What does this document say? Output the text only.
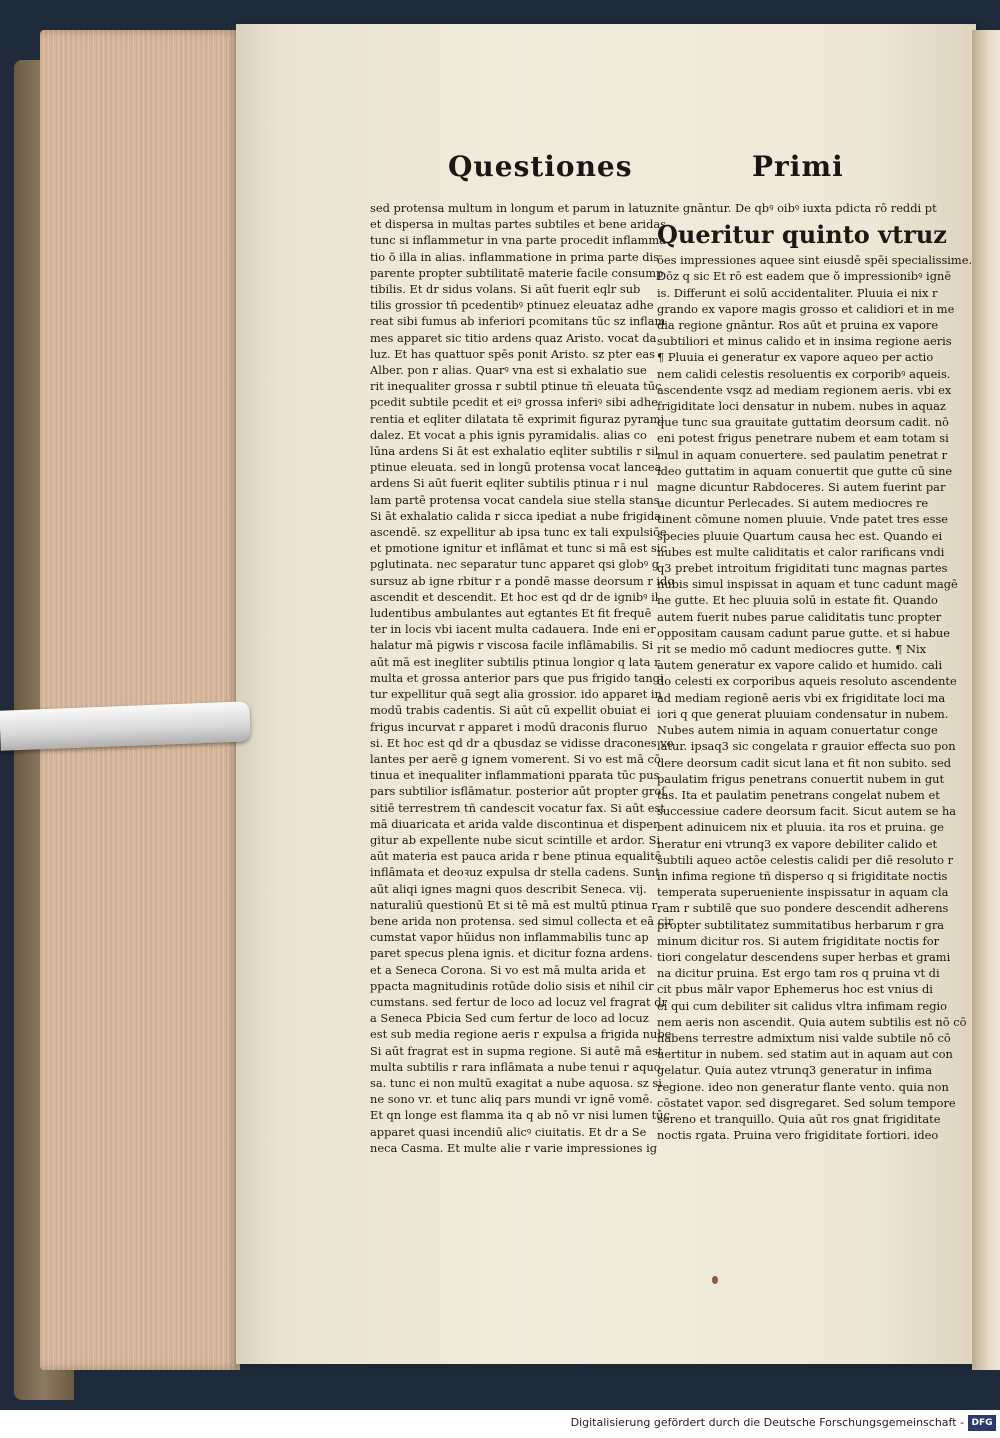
Questiones	Primi
sed protensa multum in longum et parum in latuz
et dispersa in multas partes subtiles et bene aridas
tunc si inflammetur in vna parte procedit inflamma
tio ŏ illa in alias. inflammatione in prima parte dis
parente propter subtilitatē materie facile consump
tibilis. Et dr sidus volans. Si aūt fuerit eqlr sub
tilis grossior tñ pcedentibꝰ ptinuez eleuataz adhe
reat sibi fumus ab inferiori pcomitans tūc sz inflam
mes apparet sic titio ardens quaz Aristo. vocat da
luz. Et has quattuor spēs ponit Aristo. sz pter eas
Alber. pon r alias. Quarꝰ vna est si exhalatio sue
rit inequaliter grossa r subtil ptinue tñ eleuata tūc
pcedit subtile pcedit et eiꝰ grossa inferiꝰ sibi adhe
rentia et eqliter dilatata tē exprimit figuraz pyrami
dalez. Et vocat a phis ignis pyramidalis. alias co
lūna ardens Si āt est exhalatio eqliter subtilis r sil
ptinue eleuata. sed in longū protensa vocat lancea
ardens Si aūt fuerit eqliter subtilis ptinua r i nul
lam partē protensa vocat candela siue stella stans.
Si āt exhalatio calida r sicca ipediat a nube frigida
ascendē. sz expellitur ab ipsa tunc ex tali expulsiōe
et pmotione ignitur et inflāmat et tunc si mā est sic
pglutinata. nec separatur tunc apparet qsi globꝰ g
sursuz ab igne rbitur r a pondē masse deorsum r ido
ascendit et descendit. Et hoc est qd dr de ignibꝰ il
ludentibus ambulantes aut egtantes Et fit frequē
ter in locis vbi iacent multa cadauera. Inde eni er
halatur mā pigwis r viscosa facile inflāmabilis. Si
aūt mā est inegliter subtilis ptinua longior q lata r
multa et grossa anterior pars que pus frigido tangi
tur expellitur quā segt alia grossior. ido apparet in
modū trabis cadentis. Si aūt cū expellit obuiat ei
frigus incurvat r apparet i modū draconis fluruo
si. Et hoc est qd dr a qbusdaz se vidisse dracones vo
lantes per aerē g ignem vomerent. Si vo est mā cō
tinua et inequaliter inflammationi pparata tūc pus
pars subtilior isflāmatur. posterior aūt propter groſ
sitiē terrestrem tñ candescit vocatur fax. Si aūt est
mā diuaricata et arida valde discontinua et disper
gitur ab expellente nube sicut scintille et ardor. Si
aūt materia est pauca arida r bene ptinua equalitē
inflāmata et deoꝛuz expulsa dr stella cadens. Sunt
aūt aliqi ignes magni quos describit Seneca. vij.
naturaliū questionū Et si tē mā est multū ptinua r
bene arida non protensa. sed simul collecta et eā cir
cumstat vapor hūidus non inflammabilis tunc ap
paret specus plena ignis. et dicitur fozna ardens.
et a Seneca Corona. Si vo est mā multa arida et
ppacta magnitudinis rotūde dolio sisis et nihil cir
cumstans. sed fertur de loco ad locuz vel fragrat dr
a Seneca Pbicia Sed cum fertur de loco ad locuz
est sub media regione aeris r expulsa a frigida nube.
Si aūt fragrat est in supma regione. Si autē mā est
multa subtilis r rara inflāmata a nube tenui r aquo
sa. tunc ei non multū exagitat a nube aquosa. sz si
ne sono vr. et tunc aliq pars mundi vr ignē vomē.
Et qn longe est flamma ita q ab nō vr nisi lumen tūc
apparet quasi incendiū alicꝰ ciuitatis. Et dr a Se
neca Casma. Et multe alie r varie impressiones ig
nite gnāntur. De qbꝰ oibꝰ iuxta pdicta rō reddi pt
Queritur quinto vtruz
ōes impressiones aquee sint eiusdē spēi specialissime.
Dōz q sic Et rō est eadem que ŏ impressionibꝰ ignē
is. Differunt ei solū accidentaliter. Pluuia ei nix r
grando ex vapore magis grosso et calidiori et in me
dia regione gnāntur. Ros aūt et pruina ex vapore
subtiliori et minus calido et in insima regione aeris
¶ Pluuia ei generatur ex vapore aqueo per actio
nem calidi celestis resoluentis ex corporibꝰ aqueis.
ascendente vsqz ad mediam regionem aeris. vbi ex
frigiditate loci densatur in nubem. nubes in aquaz
que tunc sua grauitate guttatim deorsum cadit. nō
eni potest frigus penetrare nubem et eam totam si
mul in aquam conuertere. sed paulatim penetrat r
ideo guttatim in aquam conuertit que gutte cū sine
magne dicuntur Rabdoceres. Si autem fuerint par
ue dicuntur Perlecades. Si autem mediocres re
tinent cōmune nomen pluuie. Vnde patet tres esse
species pluuie Quartum causa hec est. Quando ei
nubes est multe caliditatis et calor rarificans vndi
q3 prebet introitum frigiditati tunc magnas partes
nubis simul inspissat in aquam et tunc cadunt magē
ne gutte. Et hec pluuia solū in estate fit. Quando
autem fuerit nubes parue caliditatis tunc propter
oppositam causam cadunt parue gutte. et si habue
rit se medio mō cadunt mediocres gutte. ¶ Nix
autem generatur ex vapore calido et humido. cali
do celesti ex corporibus aqueis resoluto ascendente
ad mediam regionē aeris vbi ex frigiditate loci ma
iori q que generat pluuiam condensatur in nubem.
Nubes autem nimia in aquam conuertatur conge
latur. ipsaq3 sic congelata r grauior effecta suo pon
dere deorsum cadit sicut lana et fit non subito. sed
paulatim frigus penetrans conuertit nubem in gut
tas. Ita et paulatim penetrans congelat nubem et
successiue cadere deorsum facit. Sicut autem se ha
bent adinuicem nix et pluuia. ita ros et pruina. ge
neratur eni vtrunq3 ex vapore debiliter calido et
subtili aqueo actōe celestis calidi per diē resoluto r
in infima regione tñ disperso q si frigiditate noctis
temperata superueniente inspissatur in aquam cla
ram r subtilē que suo pondere descendit adherens
propter subtilitatez summitatibus herbarum r gra
minum dicitur ros. Si autem frigiditate noctis for
tiori congelatur descendens super herbas et grami
na dicitur pruina. Est ergo tam ros q pruina vt di
cit pbus mālr vapor Ephemerus hoc est vnius di
ei qui cum debiliter sit calidus vltra infimam regio
nem aeris non ascendit. Quia autem subtilis est nō cō
habens terrestre admixtum nisi valde subtile nō cō
uertitur in nubem. sed statim aut in aquam aut con
gelatur. Quia autez vtrunq3 generatur in infima
regione. ideo non generatur flante vento. quia non
cōstatet vapor. sed disgregaret. Sed solum tempore
sereno et tranquillo. Quia aūt ros gnat frigiditate
noctis rgata. Pruina vero frigiditate fortiori. ideo
Digitalisierung gefördert durch die Deutsche Forschungsgemeinschaft - DFG
